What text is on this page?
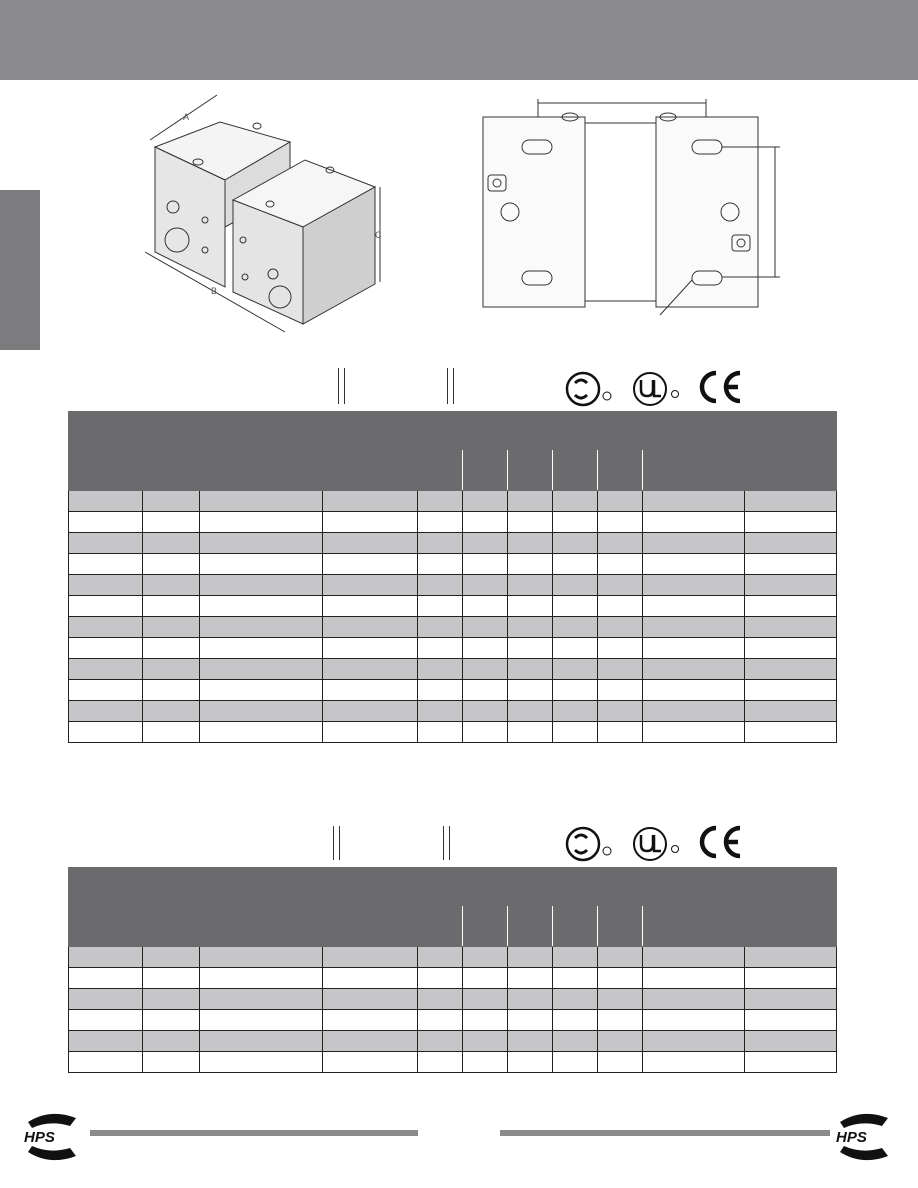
A
B
C

HPS	HPS
